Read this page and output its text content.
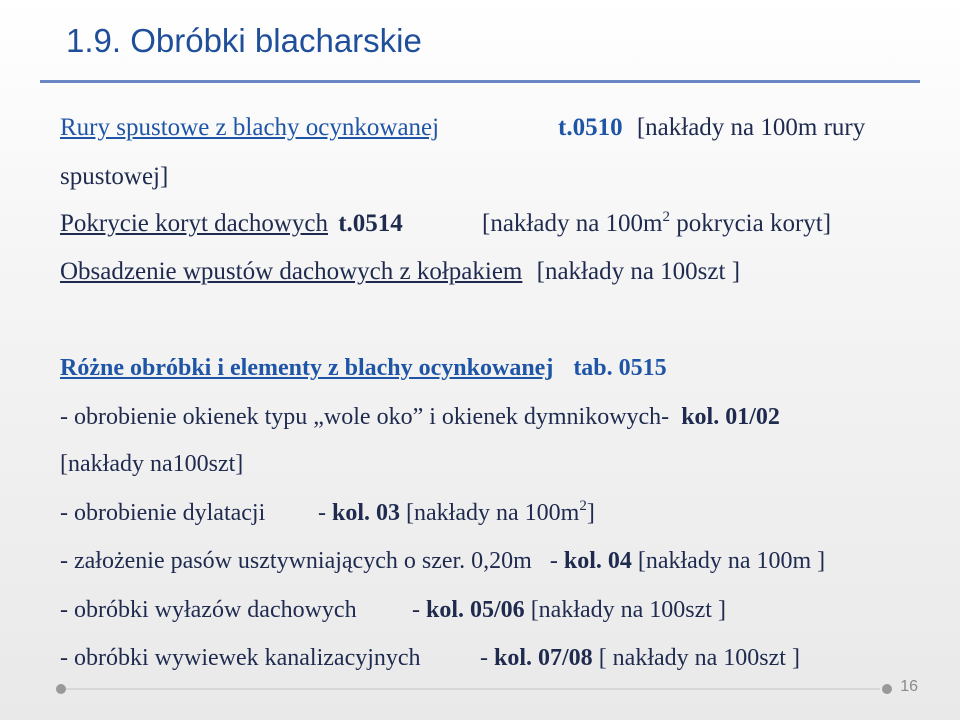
1.9. Obróbki blacharskie
Rury spustowe z blachy ocynkowanej	t.0510 [nakłady na 100m rury
spustowej]
Pokrycie koryt dachowych t.0514	[nakłady na $100m^2$ pokrycia koryt]
Obsadzenie wpustów dachowych z kołpakiem [nakłady na 100szt ]
Różne obróbki i elementy z blachy ocynkowanej tab. 0515
- obrobienie okienek typu „wole oko” i okienek dymnikowych- kol. 01/02
[nakłady na100szt]
- obrobienie dylatacji - kol. 03 [nakłady na $100m^2$]
- założenie pasów usztywniających o szer. 0,20m - kol. 04 [nakłady na 100m ]
- obróbki wyłazów dachowych - kol. 05/06 [nakłady na 100szt ]
- obróbki wywiewek kanalizacyjnych - kol. 07/08 [ nakłady na 100szt ]
16
